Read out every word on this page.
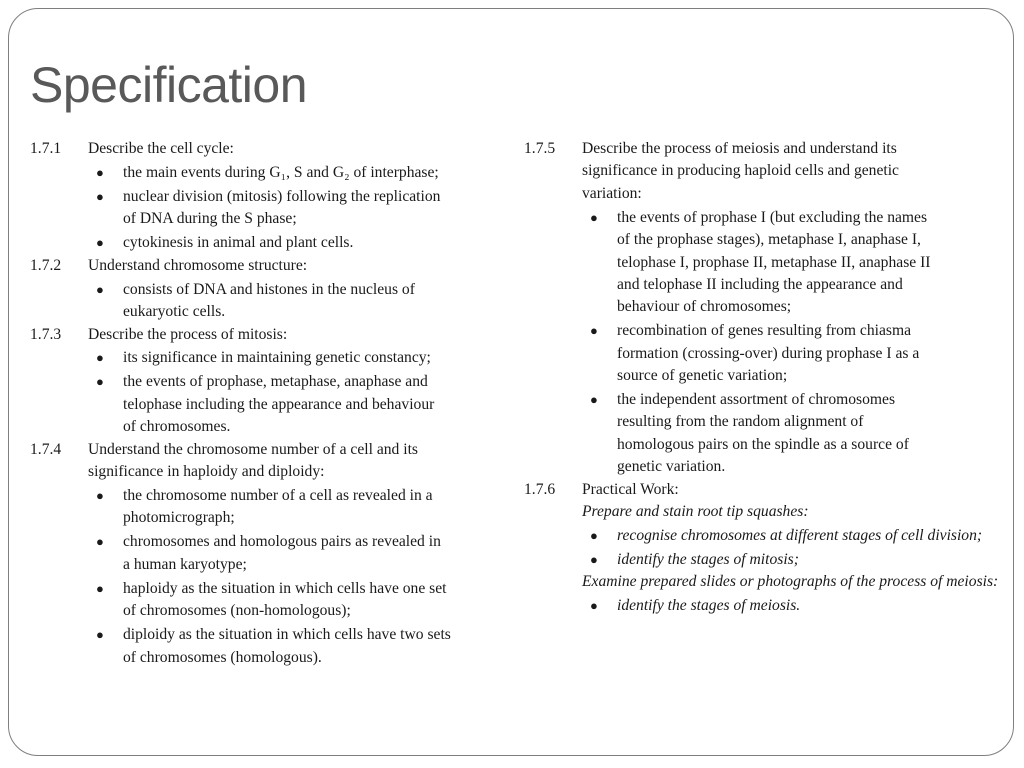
Specification
1.7.1 Describe the cell cycle:
● the main events during G₁, S and G₂ of interphase;
● nuclear division (mitosis) following the replication
of DNA during the S phase;
● cytokinesis in animal and plant cells.
1.7.2 Understand chromosome structure:
● consists of DNA and histones in the nucleus of
eukaryotic cells.
1.7.3 Describe the process of mitosis:
● its significance in maintaining genetic constancy;
● the events of prophase, metaphase, anaphase and
telophase including the appearance and behaviour
of chromosomes.
1.7.4 Understand the chromosome number of a cell and its
significance in haploidy and diploidy:
● the chromosome number of a cell as revealed in a
photomicrograph;
● chromosomes and homologous pairs as revealed in
a human karyotype;
● haploidy as the situation in which cells have one set
of chromosomes (non-homologous);
● diploidy as the situation in which cells have two sets
of chromosomes (homologous).
1.7.5 Describe the process of meiosis and understand its
significance in producing haploid cells and genetic
variation:
● the events of prophase I (but excluding the names
of the prophase stages), metaphase I, anaphase I,
telophase I, prophase II, metaphase II, anaphase II
and telophase II including the appearance and
behaviour of chromosomes;
● recombination of genes resulting from chiasma
formation (crossing-over) during prophase I as a
source of genetic variation;
● the independent assortment of chromosomes
resulting from the random alignment of
homologous pairs on the spindle as a source of
genetic variation.
1.7.6 Practical Work:
Prepare and stain root tip squashes:
● recognise chromosomes at different stages of cell division;
● identify the stages of mitosis;
Examine prepared slides or photographs of the process of meiosis:
● identify the stages of meiosis.
